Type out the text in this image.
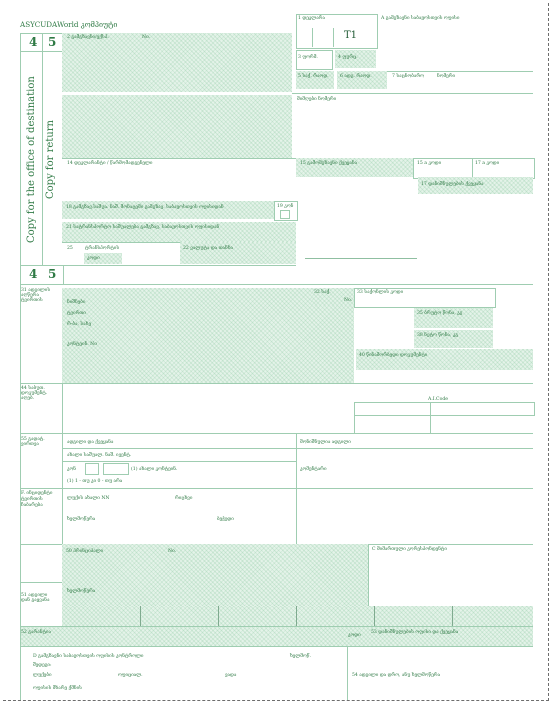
ASYCUDAWorld კომპიუტი
4 5
Copy for the office of destination Copy for return
2 გამგზავნი/ექსპ.	No.
1 დეკლარა
T1
A გამგზავნი საბაჟოსთვის ოფისი
3 ფორმ.	4 ფურც.
5 საქ. რაოდ. 6 ადგ. რაოდ.	7 საცნობარო	ნომერი
მიმღები ნომერი
14 დეკლარანტი / წარმომადგენელი	15 გამომგზავნი ქვეყანა	15 a კოდი	17 a კოდი
17 დანიშნულების ქვეყანა
18 გამგზავ.საშუა. ნაშ. მონაცემი გამგზავ. საბაჟოსთვის ოფისიდან	19 კონ
21 სატრანსპორტო საშუალება გამგზავ. საბაჟოსთვის ოფისიდან
25	ტრანსპორტის
კოდი
22 ვალუტა და თანხა
4 5
31 ადგილის აღწერა ტვირთის	ნიშნები
ტვირთი
რ-ბა, სახე
კონტეინ. No
32 საქ.
No.
33 საქონლის კოდი
35 ბრუტო წონა, კგ
38 ნეტო წონა, კგ
40 წინამორბედი დოკუმენტი
44 საბუთ. დოკუმენტ. აღებ.	A.I.Code
55 გადატ. ვირთვა	ადგილი და ქვეყანა
ახალი საშუალ. ნაშ. ივენტ.
კონ	(1) ახალი კონტეინ.
(1) 1 - თუ კი 0 - თუ არა
მონიშნულია ადგილი
კომენტარი
F. ინციდენტი ტვირთის ჩაბარება
ლუქის ახალი NN	რიცხვი
ხელმოწერა	ბეჭედი
50 პრინციპალი	No.	C მიმართული კორესპონდენტი
51 ადგილი დან გაყვანა
ხელმოწერა
52 გარანტია
კოდი
53 დანიშნულების ოფისი და ქვეყანა
D გამგზავნი საბაჟოსთვის ოფისის კონტროლი
შედეგი:
ლუქები	ოფიციალ.	ვადა
ოფისის მხარე ქმნის
ხელმოწ.
54 ადგილი და დრო, ანუ ხელმოწერა
